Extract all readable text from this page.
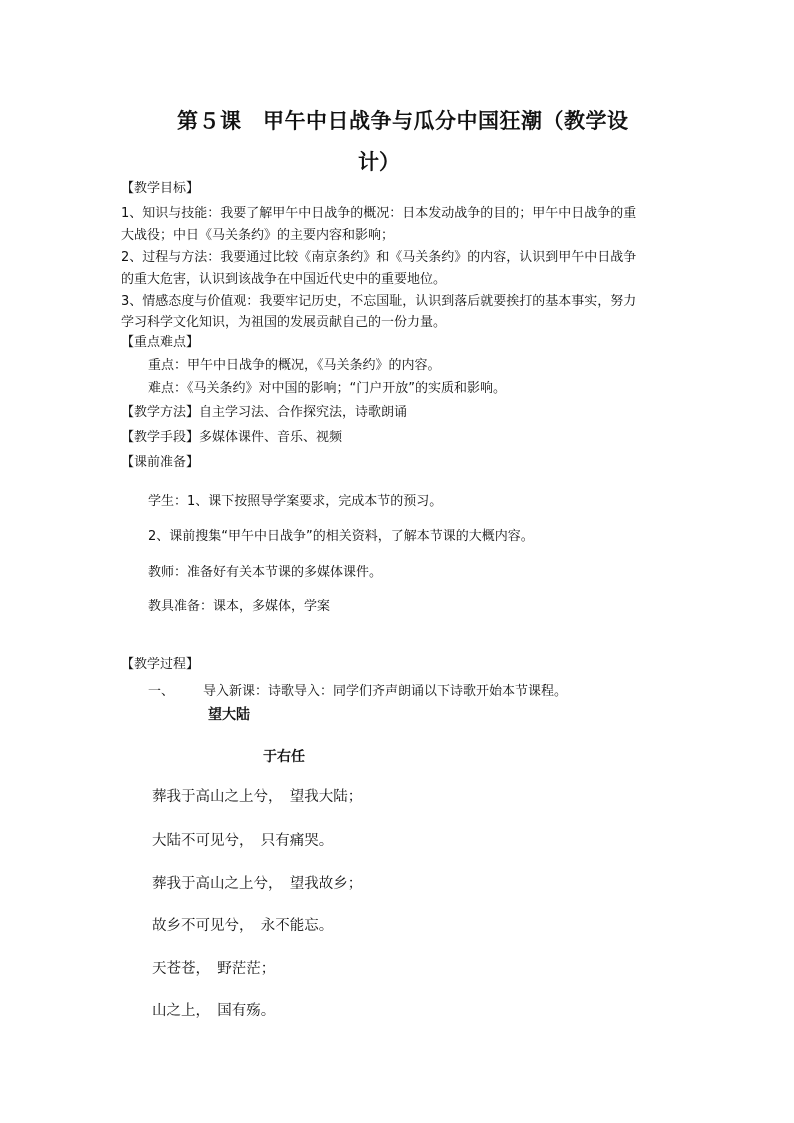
第５课　甲午中日战争与瓜分中国狂潮（教学设
计）
【教学目标】
1、知识与技能：我要了解甲午中日战争的概况：日本发动战争的目的；甲午中日战争的重
大战役；中日《马关条约》的主要内容和影响；
2、过程与方法：我要通过比较《南京条约》和《马关条约》的内容，认识到甲午中日战争
的重大危害，认识到该战争在中国近代史中的重要地位。
3、情感态度与价值观：我要牢记历史，不忘国耻，认识到落后就要挨打的基本事实，努力
学习科学文化知识，为祖国的发展贡献自己的一份力量。
【重点难点】
重点：甲午中日战争的概况，《马关条约》的内容。
难点：《马关条约》对中国的影响；“门户开放”的实质和影响。
【教学方法】自主学习法、合作探究法，诗歌朗诵
【教学手段】多媒体课件、音乐、视频
【课前准备】
学生：1、课下按照导学案要求，完成本节的预习。
2、课前搜集“甲午中日战争”的相关资料，了解本节课的大概内容。
教师：准备好有关本节课的多媒体课件。
教具准备：课本，多媒体，学案
【教学过程】
一、 导入新课：诗歌导入：同学们齐声朗诵以下诗歌开始本节课程。
望大陆
于右任
葬我于高山之上兮，　望我大陆；
大陆不可见兮，　只有痛哭。
葬我于高山之上兮，　望我故乡；
故乡不可见兮，　永不能忘。
天苍苍，　野茫茫；
山之上，　国有殇。
